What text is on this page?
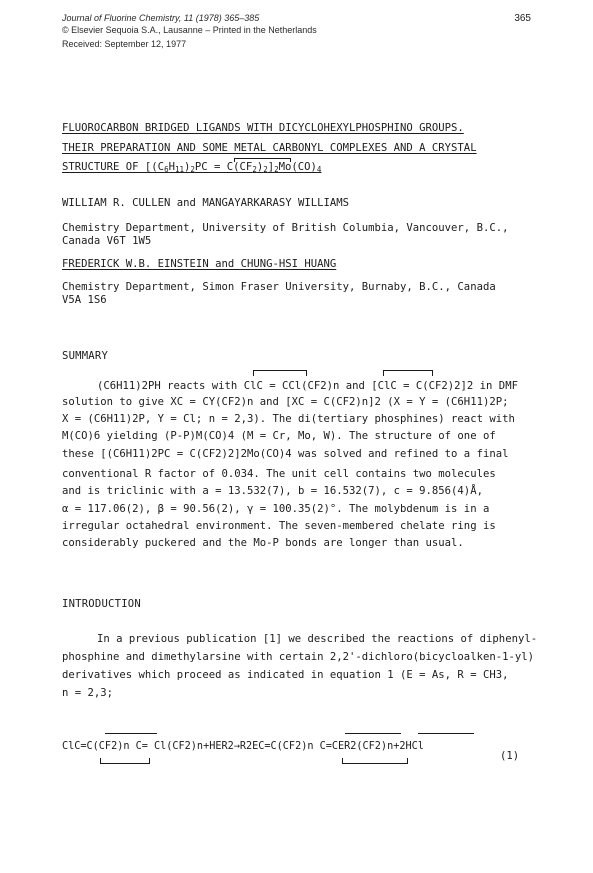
Journal of Fluorine Chemistry, 11 (1978) 365–385
© Elsevier Sequoia S.A., Lausanne – Printed in the Netherlands
Received: September 12, 1977
365
FLUOROCARBON BRIDGED LIGANDS WITH DICYCLOHEXYLPHOSPHINO GROUPS.
THEIR PREPARATION AND SOME METAL CARBONYL COMPLEXES AND A CRYSTAL
STRUCTURE OF $[(C_6H_{11})_2PC = C(CF_2)_2]_2Mo(CO)_4$
WILLIAM R. CULLEN and MANGAYARKARASY WILLIAMS
Chemistry Department, University of British Columbia, Vancouver, B.C.,
Canada V6T 1W5
FREDERICK W.B. EINSTEIN and CHUNG-HSI HUANG
Chemistry Department, Simon Fraser University, Burnaby, B.C., Canada
V5A 1S6
SUMMARY
(C6H11)2PH reacts with ClC = CCl(CF2)n and [ClC = C(CF2)2]2 in DMF
solution to give XC = CY(CF2)n and [XC = C(CF2)n]2 (X = Y = (C6H11)2P;
X = (C6H11)2P, Y = Cl; n = 2,3). The di(tertiary phosphines) react with
M(CO)6 yielding (P-P)M(CO)4 (M = Cr, Mo, W). The structure of one of
these [(C6H11)2PC = C(CF2)2]2Mo(CO)4 was solved and refined to a final
conventional R factor of 0.034. The unit cell contains two molecules
and is triclinic with a = 13.532(7), b = 16.532(7), c = 9.856(4)Å,
α = 117.06(2), β = 90.56(2), γ = 100.35(2)°. The molybdenum is in a
irregular octahedral environment. The seven-membered chelate ring is
considerably puckered and the Mo-P bonds are longer than usual.
INTRODUCTION
In a previous publication [1] we described the reactions of diphenyl-
phosphine and dimethylarsine with certain 2,2'-dichloro(bicycloalken-1-yl)
derivatives which proceed as indicated in equation 1 (E = As, R = CH3,
n = 2,3;
ClC=C(CF2)n C= Cl(CF2)n+HER2→R2EC=C(CF2)n C=CER2(CF2)n+2HCl
(1)
